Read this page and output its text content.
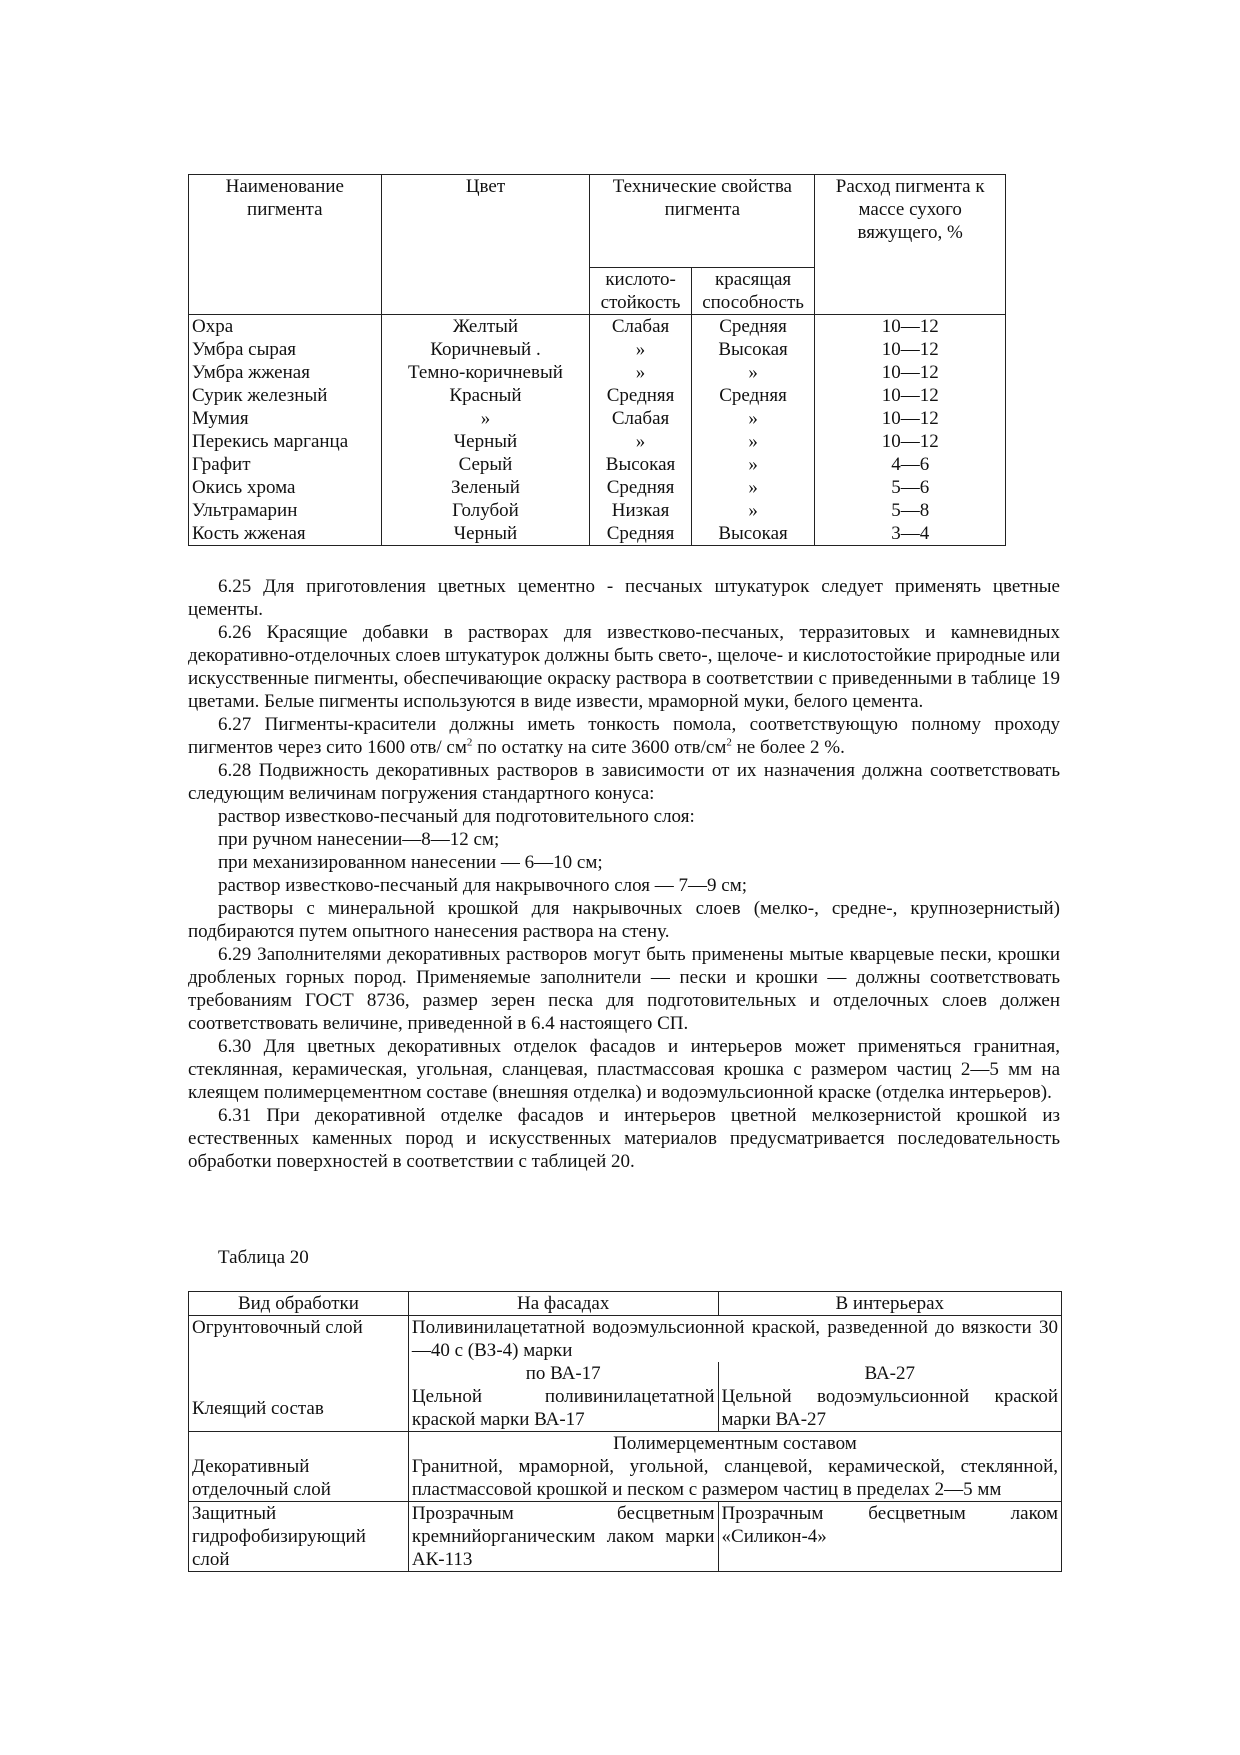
Наименование пигмента	Цвет	Технические свойства пигмента		Расход пигмента к массе сухого вяжущего, %
		кислото-стойкость	красящая способность	
Охра	Желтый	Слабая	Средняя	10—12
Умбра сырая	Коричневый .	»	Высокая	10—12
Умбра жженая	Темно-коричневый	»	»	10—12
Сурик железный	Красный	Средняя	Средняя	10—12
Мумия	»	Слабая	»	10—12
Перекись марганца	Черный	»	»	10—12
Графит	Серый	Высокая	»	4—6
Окись хрома	Зеленый	Средняя	»	5—6
Ультрамарин	Голубой	Низкая	»	5—8
Кость жженая	Черный	Средняя	Высокая	3—4

6.25 Для приготовления цветных цементно - песчаных штукатурок следует применять цветные цементы.

6.26 Красящие добавки в растворах для известково-песчаных, терразитовых и камневидных декоративно-отделочных слоев штукатурок должны быть свето-, щелоче- и кислотостойкие природные или искусственные пигменты, обеспечивающие окраску раствора в соответствии с приведенными в таблице 19 цветами. Белые пигменты используются в виде извести, мраморной муки, белого цемента.

6.27 Пигменты-красители должны иметь тонкость помола, соответствующую полному проходу пигментов через сито 1600 отв/ $см^2$ по остатку на сите 3600 отв/$см^2$ не более 2 %.

6.28 Подвижность декоративных растворов в зависимости от их назначения должна соответствовать следующим величинам погружения стандартного конуса:

раствор известково-песчаный для подготовительного слоя:

при ручном нанесении—8—12 см;

при механизированном нанесении — 6—10 см;

раствор известково-песчаный для накрывочного слоя — 7—9 см;

растворы с минеральной крошкой для накрывочных слоев (мелко-, средне-, крупнозернистый) подбираются путем опытного нанесения раствора на стену.

6.29 Заполнителями декоративных растворов могут быть применены мытые кварцевые пески, крошки дробленых горных пород. Применяемые заполнители — пески и крошки — должны соответствовать требованиям ГОСТ 8736, размер зерен песка для подготовительных и отделочных слоев должен соответствовать величине, приведенной в 6.4 настоящего СП.

6.30 Для цветных декоративных отделок фасадов и интерьеров может применяться гранитная, стеклянная, керамическая, угольная, сланцевая, пластмассовая крошка с размером частиц 2—5 мм на клеящем полимерцементном составе (внешняя отделка) и водоэмульсионной краске (отделка интерьеров).

6.31 При декоративной отделке фасадов и интерьеров цветной мелкозернистой крошкой из естественных каменных пород и искусственных материалов предусматривается последовательность обработки поверхностей в соответствии с таблицей 20.

Таблица 20

Вид обработки	На фасадах	В интерьерах
Огрунтовочный слой	Поливинилацетатной водоэмульсионной краской, разведенной до вязкости 30—40 с (ВЗ-4) марки	
	по ВА-17	ВА-27
Клеящий состав	Цельной поливинилацетатной краской марки ВА-17	Цельной водоэмульсионной краской марки ВА-27
Декоративный отделочный слой	Полимерцементным составом	
	Гранитной, мраморной, угольной, сланцевой, керамической, стеклянной, пластмассовой крошкой и песком с размером частиц в пределах 2—5 мм	
Защитный гидрофобизирующий слой	Прозрачным бесцветным кремнийорганическим лаком марки АК-113	Прозрачным бесцветным лаком «Силикон-4»
